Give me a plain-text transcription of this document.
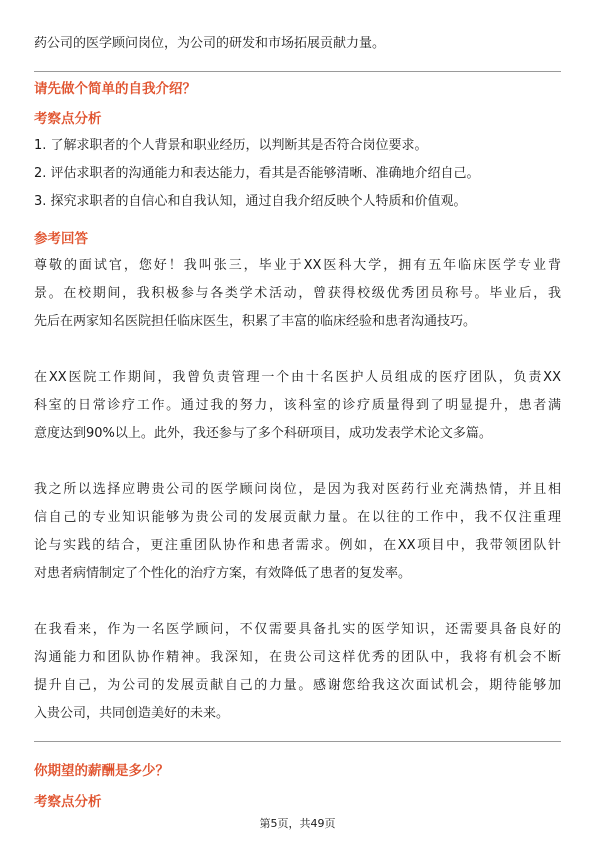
药公司的医学顾问岗位，为公司的研发和市场拓展贡献力量。
请先做个简单的自我介绍？
考察点分析
1. 了解求职者的个人背景和职业经历，以判断其是否符合岗位要求。
2. 评估求职者的沟通能力和表达能力，看其是否能够清晰、准确地介绍自己。
3. 探究求职者的自信心和自我认知，通过自我介绍反映个人特质和价值观。
参考回答
尊敬的面试官，您好！我叫张三，毕业于XX医科大学，拥有五年临床医学专业背
景。在校期间，我积极参与各类学术活动，曾获得校级优秀团员称号。毕业后，我
先后在两家知名医院担任临床医生，积累了丰富的临床经验和患者沟通技巧。
在XX医院工作期间，我曾负责管理一个由十名医护人员组成的医疗团队，负责XX
科室的日常诊疗工作。通过我的努力，该科室的诊疗质量得到了明显提升，患者满
意度达到90%以上。此外，我还参与了多个科研项目，成功发表学术论文多篇。
我之所以选择应聘贵公司的医学顾问岗位，是因为我对医药行业充满热情，并且相
信自己的专业知识能够为贵公司的发展贡献力量。在以往的工作中，我不仅注重理
论与实践的结合，更注重团队协作和患者需求。例如，在XX项目中，我带领团队针
对患者病情制定了个性化的治疗方案，有效降低了患者的复发率。
在我看来，作为一名医学顾问，不仅需要具备扎实的医学知识，还需要具备良好的
沟通能力和团队协作精神。我深知，在贵公司这样优秀的团队中，我将有机会不断
提升自己，为公司的发展贡献自己的力量。感谢您给我这次面试机会，期待能够加
入贵公司，共同创造美好的未来。
你期望的薪酬是多少？
考察点分析
第5页，共49页
